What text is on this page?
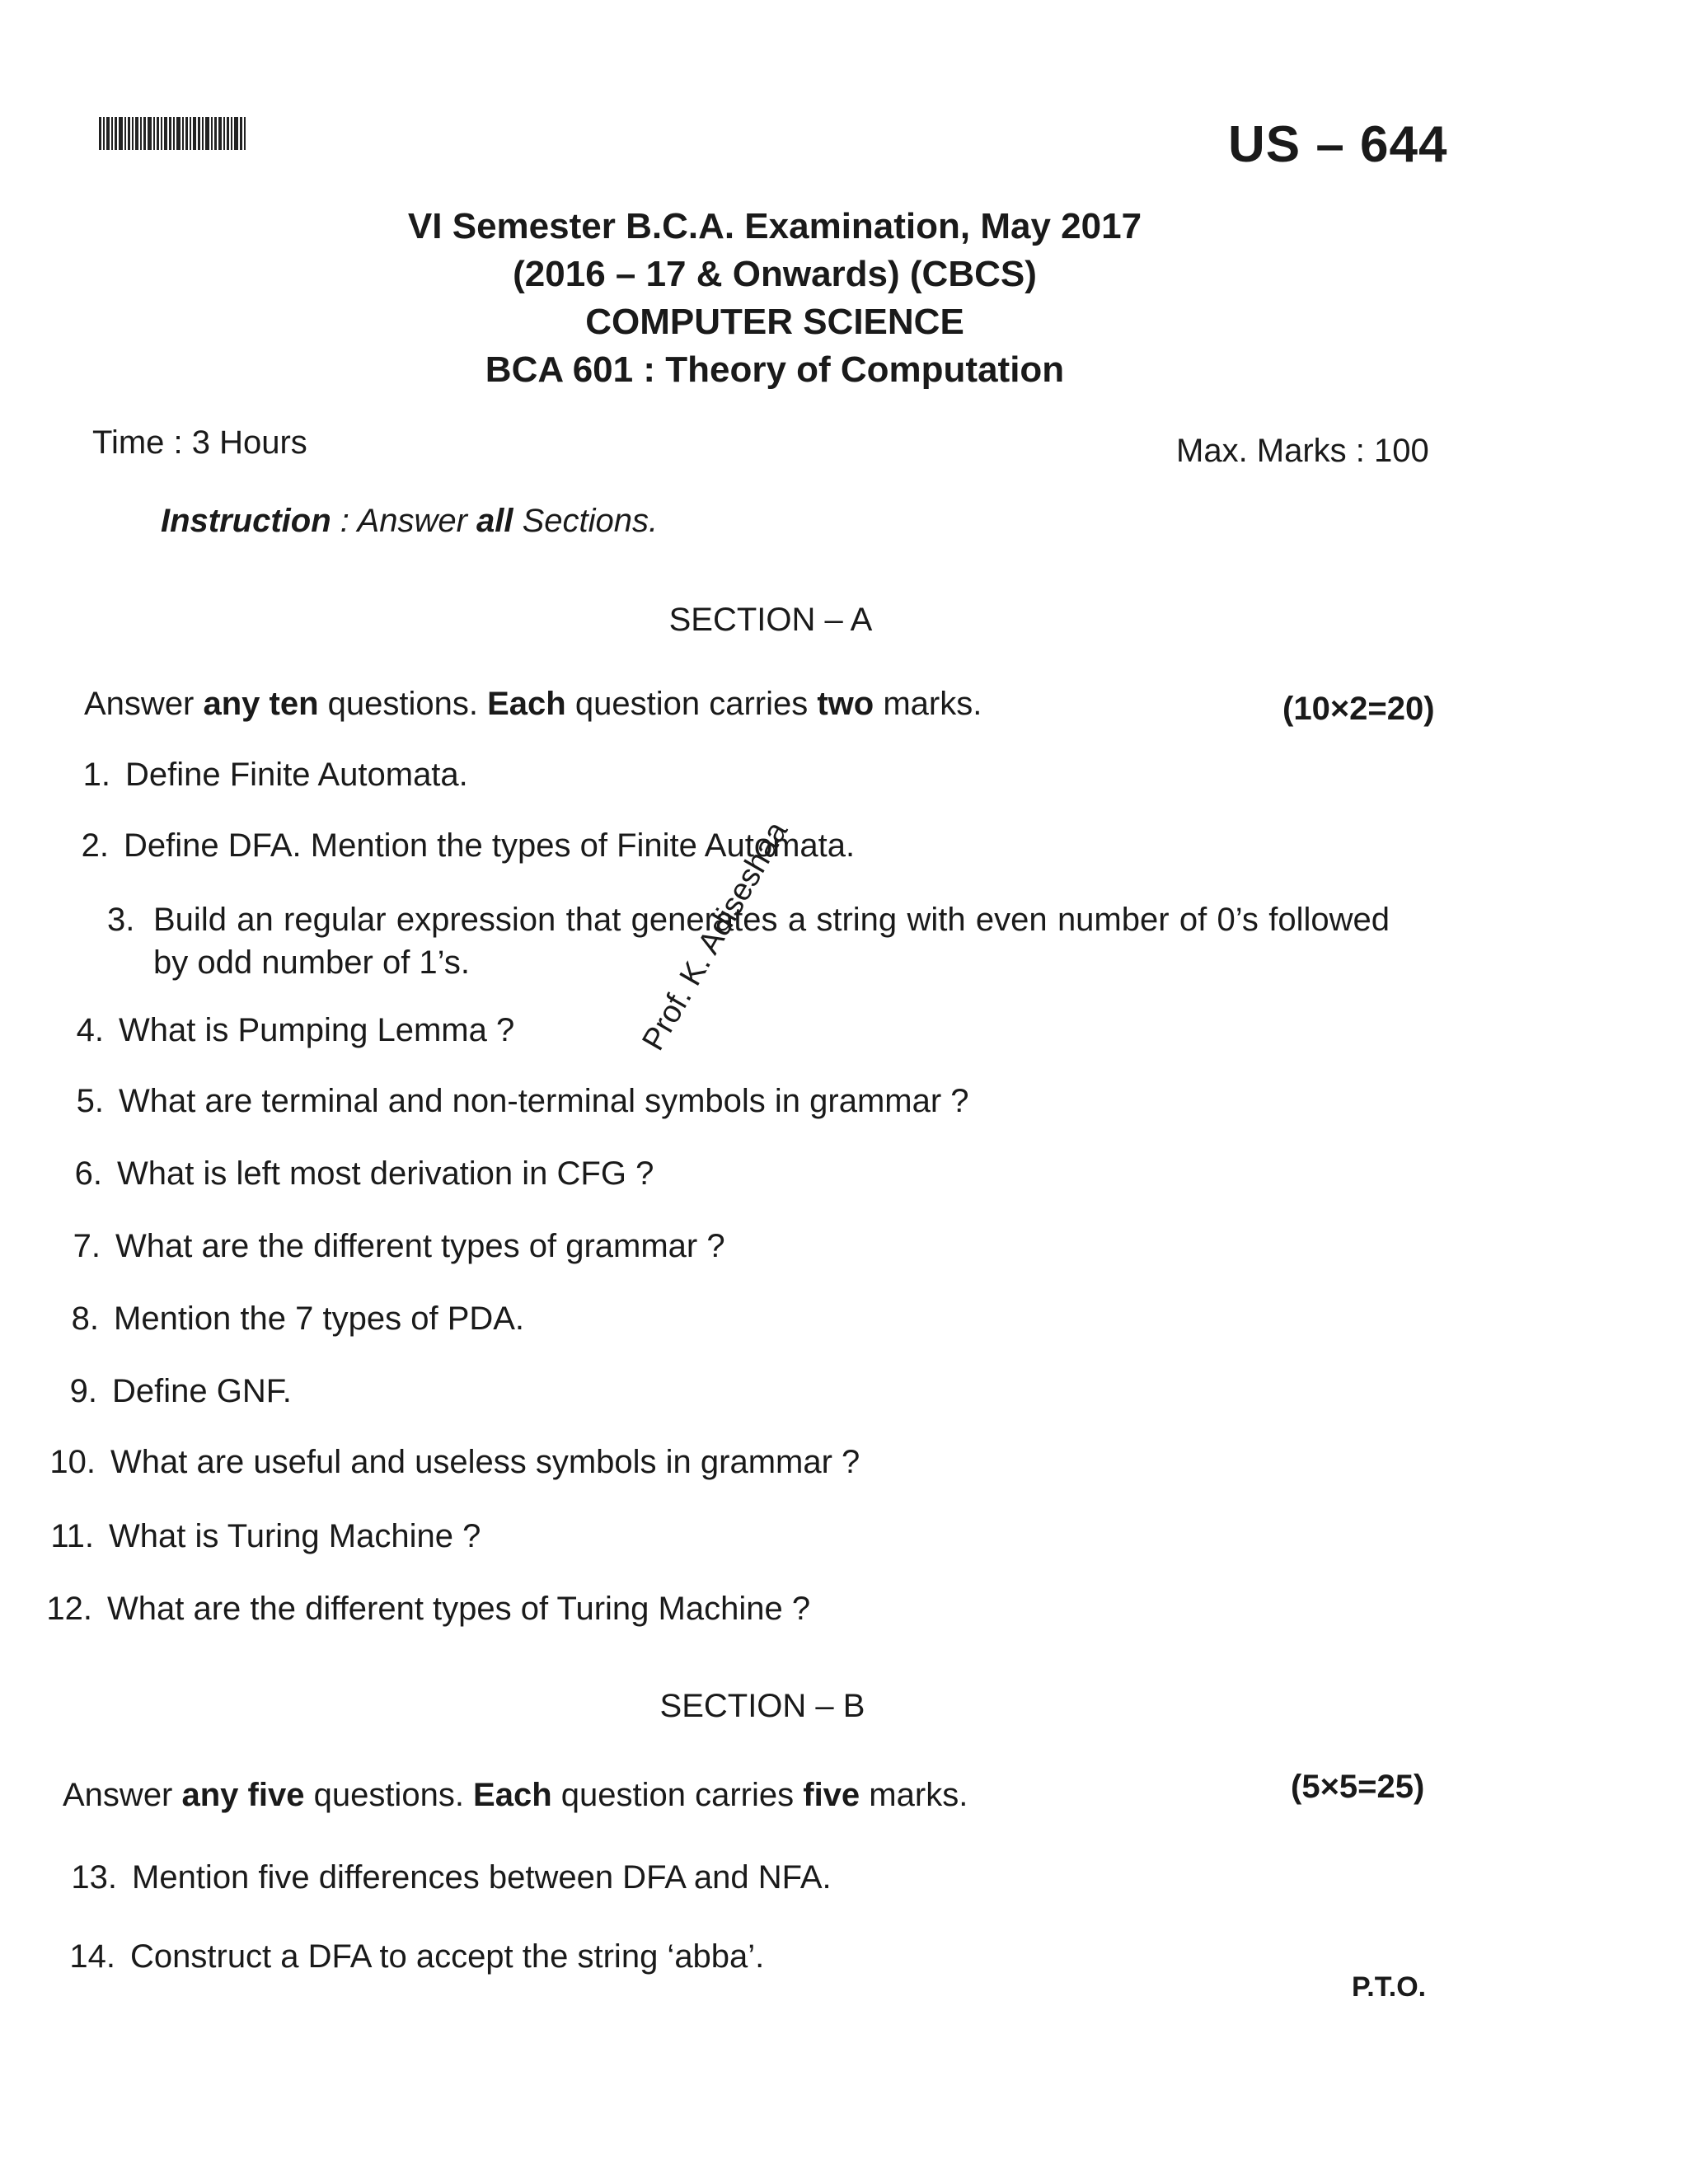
US – 644
VI Semester B.C.A. Examination, May 2017
(2016 – 17 & Onwards) (CBCS)
COMPUTER SCIENCE
BCA 601 : Theory of Computation
Time : 3 Hours	Max. Marks : 100
Instruction : Answer all Sections.
SECTION – A
Answer any ten questions. Each question carries two marks.	(10×2=20)
1. Define Finite Automata.
2. Define DFA. Mention the types of Finite Automata.
3. Build an regular expression that generates a string with even number of 0’s followed by odd number of 1’s.
4. What is Pumping Lemma ?
5. What are terminal and non-terminal symbols in grammar ?
6. What is left most derivation in CFG ?
7. What are the different types of grammar ?
8. Mention the 7 types of PDA.
9. Define GNF.
10. What are useful and useless symbols in grammar ?
11. What is Turing Machine ?
12. What are the different types of Turing Machine ?
SECTION – B
Answer any five questions. Each question carries five marks.	(5×5=25)
13. Mention five differences between DFA and NFA.
14. Construct a DFA to accept the string ‘abba’.
Prof. K. Adiseshaa
P.T.O.
